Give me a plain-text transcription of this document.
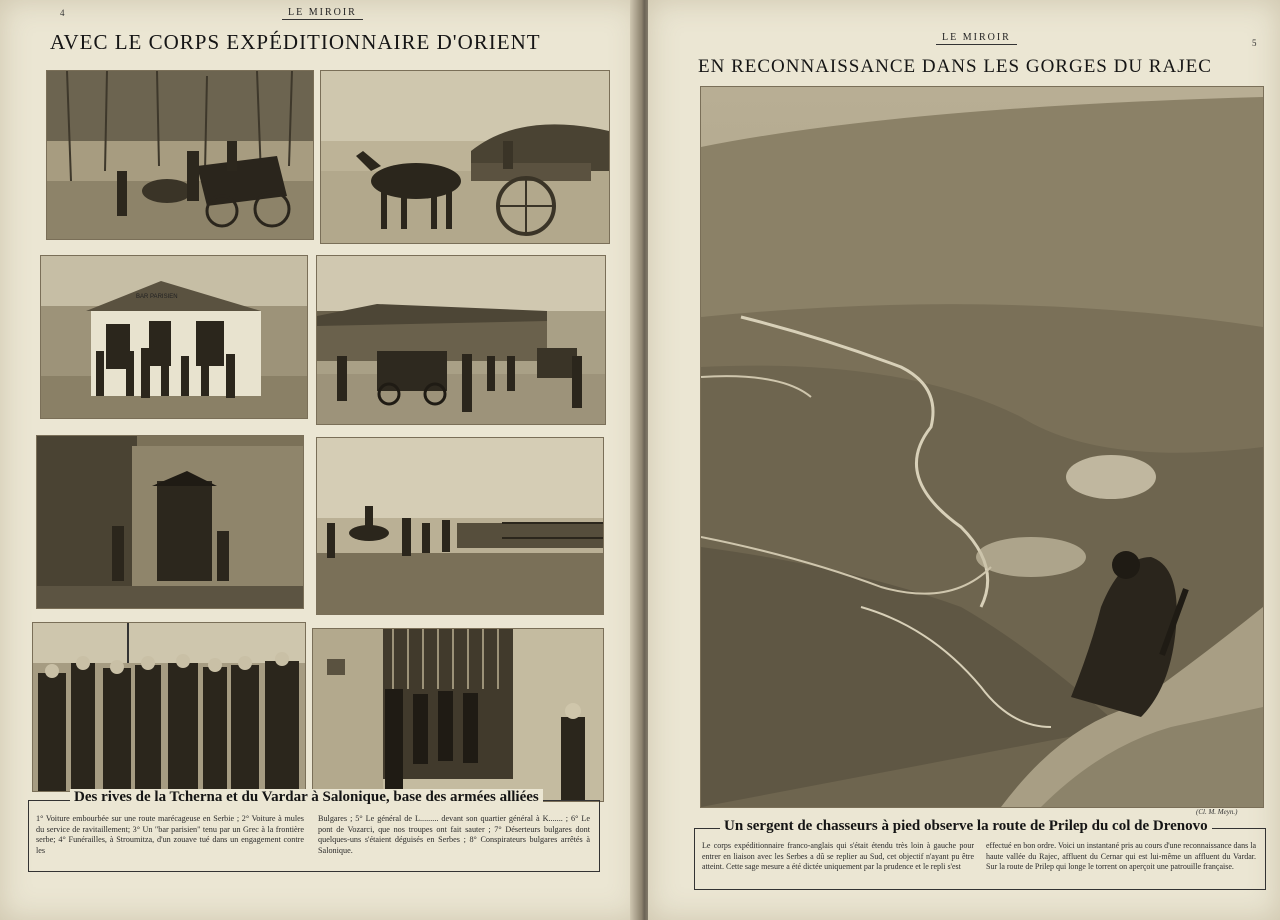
4	LE MIROIR
AVEC LE CORPS EXPÉDITIONNAIRE D'ORIENT
BAR PARISIEN
Des rives de la Tcherna et du Vardar à Salonique, base des armées alliées
1° Voiture embourbée sur une route marécageuse en Serbie ; 2° Voiture à mules du service de ravitaillement; 3° Un "bar parisien" tenu par un Grec à la frontière serbe; 4° Funérailles, à Stroumitza, d'un zouave tué dans un engagement contre les
Bulgares ; 5° Le général de L......... devant son quartier général à K....... ; 6° Le pont de Vozarci, que nos troupes ont fait sauter ; 7° Déserteurs bulgares dont quelques-uns s'étaient déguisés en Serbes ; 8° Conspirateurs bulgares arrêtés à Salonique.
5
LE MIROIR
EN RECONNAISSANCE DANS LES GORGES DU RAJEC
(Cl. M. Meyn.)
Un sergent de chasseurs à pied observe la route de Prilep du col de Drenovo
Le corps expéditionnaire franco-anglais qui s'était étendu très loin à gauche pour entrer en liaison avec les Serbes a dû se replier au Sud, cet objectif n'ayant pu être atteint. Cette sage mesure a été dictée uniquement par la prudence et le repli s'est
effectué en bon ordre. Voici un instantané pris au cours d'une reconnaissance dans la haute vallée du Rajec, affluent du Cernar qui est lui-même un affluent du Vardar. Sur la route de Prilep qui longe le torrent on aperçoit une patrouille française.
